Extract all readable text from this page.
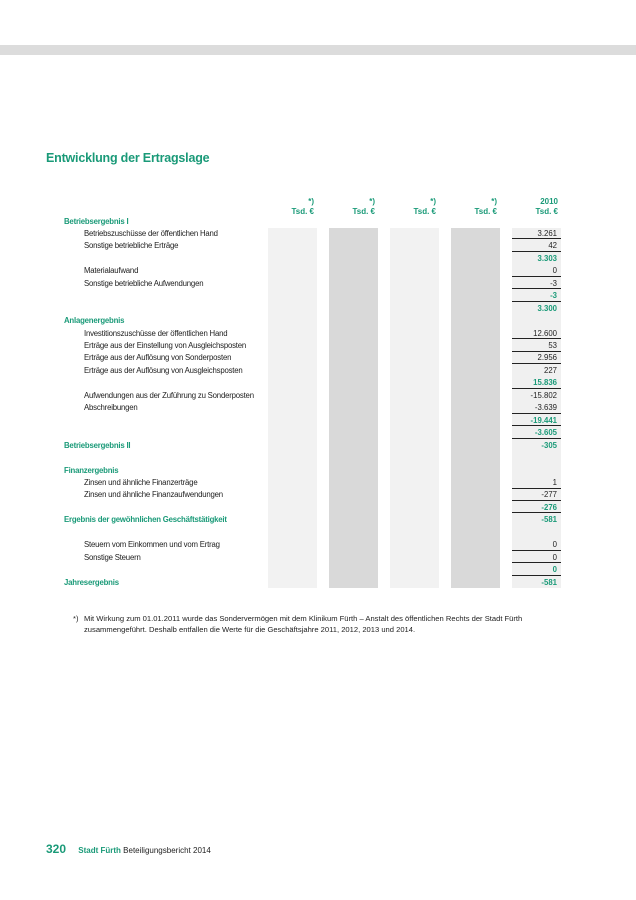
Entwicklung der Ertragslage
*)
Tsd. €
*)
Tsd. €
*)
Tsd. €
*)
Tsd. €
2010
Tsd. €
Betriebsergebnis I
Betriebszuschüsse der öffentlichen Hand	3.261
Sonstige betriebliche Erträge	42
3.303
Materialaufwand	0
Sonstige betriebliche Aufwendungen	-3
-3
3.300
Anlagenergebnis
Investitionszuschüsse der öffentlichen Hand	12.600
Erträge aus der Einstellung von Ausgleichsposten	53
Erträge aus der Auflösung von Sonderposten	2.956
Erträge aus der Auflösung von Ausgleichsposten	227
15.836
Aufwendungen aus der Zuführung zu Sonderposten	-15.802
Abschreibungen	-3.639
-19.441
-3.605
Betriebsergebnis II	-305
Finanzergebnis
Zinsen und ähnliche Finanzerträge	1
Zinsen und ähnliche Finanzaufwendungen	-277
-276
Ergebnis der gewöhnlichen Geschäftstätigkeit	-581
Steuern vom Einkommen und vom Ertrag	0
Sonstige Steuern	0
0
Jahresergebnis	-581
*) Mit Wirkung zum 01.01.2011 wurde das Sondervermögen mit dem Klinikum Fürth – Anstalt des öffentlichen Rechts der Stadt Fürth zusammengeführt. Deshalb entfallen die Werte für die Geschäftsjahre 2011, 2012, 2013 und 2014.
320 Stadt Fürth Beteiligungsbericht 2014
